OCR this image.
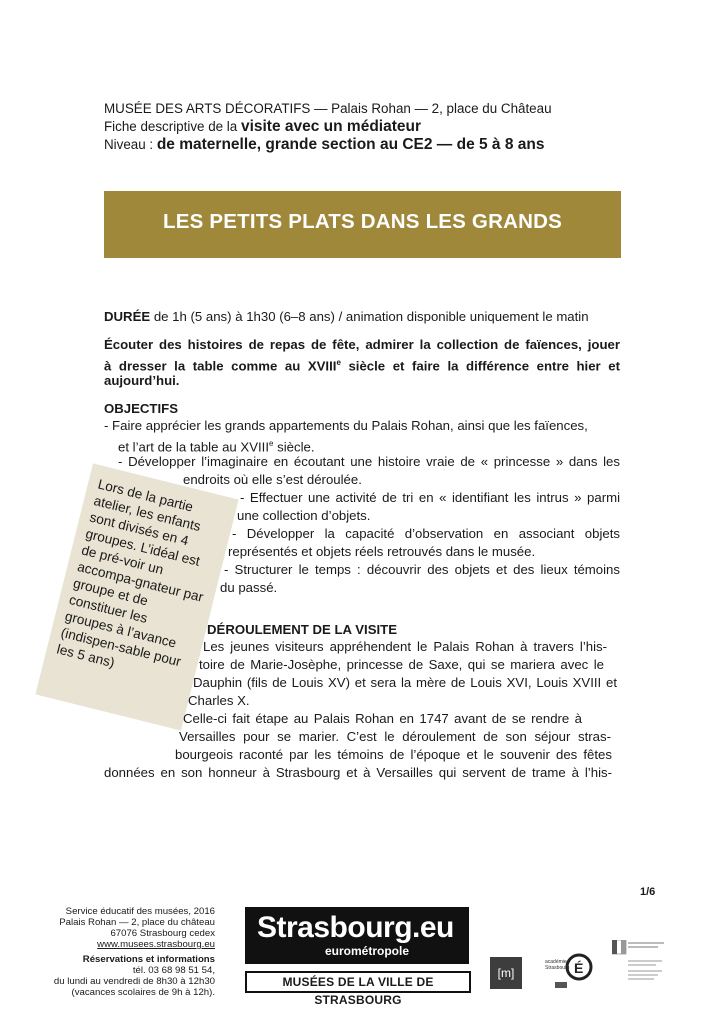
MUSÉE DES ARTS DÉCORATIFS — Palais Rohan — 2, place du Château
Fiche descriptive de la visite avec un médiateur
Niveau : de maternelle, grande section au CE2 — de 5 à 8 ans
LES PETITS PLATS DANS LES GRANDS
DURÉE de 1h (5 ans) à 1h30 (6–8 ans) / animation disponible uniquement le matin
Écouter des histoires de repas de fête, admirer la collection de faïences, jouer
à dresser la table comme au XVIIIe siècle et faire la différence entre hier et
aujourd’hui.
OBJECTIFS
- Faire apprécier les grands appartements du Palais Rohan, ainsi que les faïences,
et l’art de la table au XVIIIe siècle.
- Développer l’imaginaire en écoutant une histoire vraie de « princesse » dans les
endroits où elle s’est déroulée.
- Effectuer une activité de tri en « identifiant les intrus » parmi
une collection d’objets.
- Développer la capacité d’observation en associant objets
représentés et objets réels retrouvés dans le musée.
- Structurer le temps : découvrir des objets et des lieux témoins
du passé.
Lors de la partie atelier, les enfants sont divisés en 4 groupes. L’idéal est de pré-voir un accompa-gnateur par groupe et de constituer les groupes à l’avance (indispen-sable pour les 5 ans)
DÉROULEMENT DE LA VISITE
Les jeunes visiteurs appréhendent le Palais Rohan à travers l’his-
toire de Marie-Josèphe, princesse de Saxe, qui se mariera avec le
Dauphin (fils de Louis XV) et sera la mère de Louis XVI, Louis XVIII et
Charles X.
Celle-ci fait étape au Palais Rohan en 1747 avant de se rendre à
Versailles pour se marier. C’est le déroulement de son séjour stras-
bourgeois raconté par les témoins de l’époque et le souvenir des fêtes
données en son honneur à Strasbourg et à Versailles qui servent de trame à l’his-
1/6
Service éducatif des musées, 2016
Palais Rohan — 2, place du château
67076 Strasbourg cedex
www.musees.strasbourg.eu
Réservations et informations
tél. 03 68 98 51 54,
du lundi au vendredi de 8h30 à 12h30
(vacances scolaires de 9h à 12h).
Strasbourg.eu
eurométropole
MUSÉES DE LA VILLE DE STRASBOURG
[m]	É
académie Strasbourg
